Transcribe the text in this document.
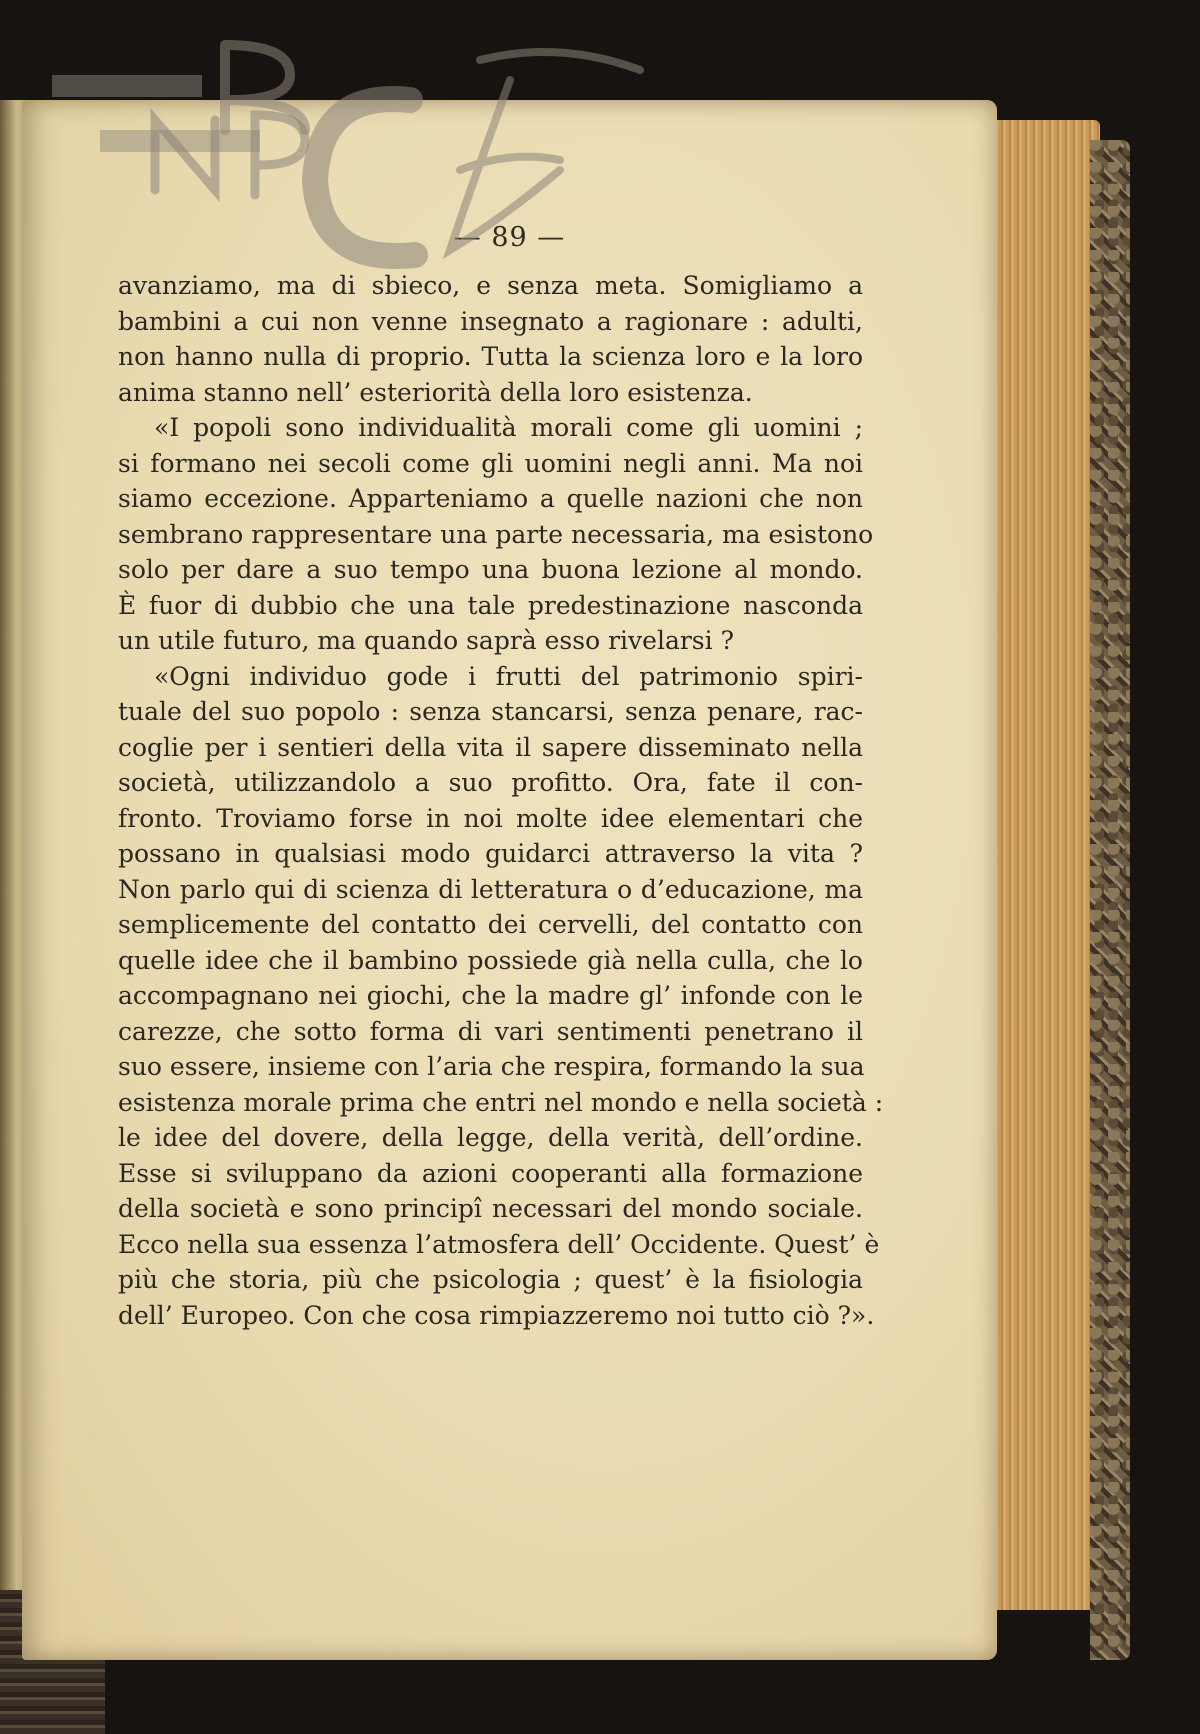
— 89 —
avanziamo, ma di sbieco, e senza meta. Somigliamo a
bambini a cui non venne insegnato a ragionare : adulti,
non hanno nulla di proprio. Tutta la scienza loro e la loro
anima stanno nell’ esteriorità della loro esistenza.
«I popoli sono individualità morali come gli uomini ;
si formano nei secoli come gli uomini negli anni. Ma noi
siamo eccezione. Apparteniamo a quelle nazioni che non
sembrano rappresentare una parte necessaria, ma esistono
solo per dare a suo tempo una buona lezione al mondo.
È fuor di dubbio che una tale predestinazione nasconda
un utile futuro, ma quando saprà esso rivelarsi ?
«Ogni individuo gode i frutti del patrimonio spiri-
tuale del suo popolo : senza stancarsi, senza penare, rac-
coglie per i sentieri della vita il sapere disseminato nella
società, utilizzandolo a suo profitto. Ora, fate il con-
fronto. Troviamo forse in noi molte idee elementari che
possano in qualsiasi modo guidarci attraverso la vita ?
Non parlo qui di scienza di letteratura o d’educazione, ma
semplicemente del contatto dei cervelli, del contatto con
quelle idee che il bambino possiede già nella culla, che lo
accompagnano nei giochi, che la madre gl’ infonde con le
carezze, che sotto forma di vari sentimenti penetrano il
suo essere, insieme con l’aria che respira, formando la sua
esistenza morale prima che entri nel mondo e nella società :
le idee del dovere, della legge, della verità, dell’ordine.
Esse si sviluppano da azioni cooperanti alla formazione
della società e sono principî necessari del mondo sociale.
Ecco nella sua essenza l’atmosfera dell’ Occidente. Quest’ è
più che storia, più che psicologia ; quest’ è la fisiologia
dell’ Europeo. Con che cosa rimpiazzeremo noi tutto ciò ?».
